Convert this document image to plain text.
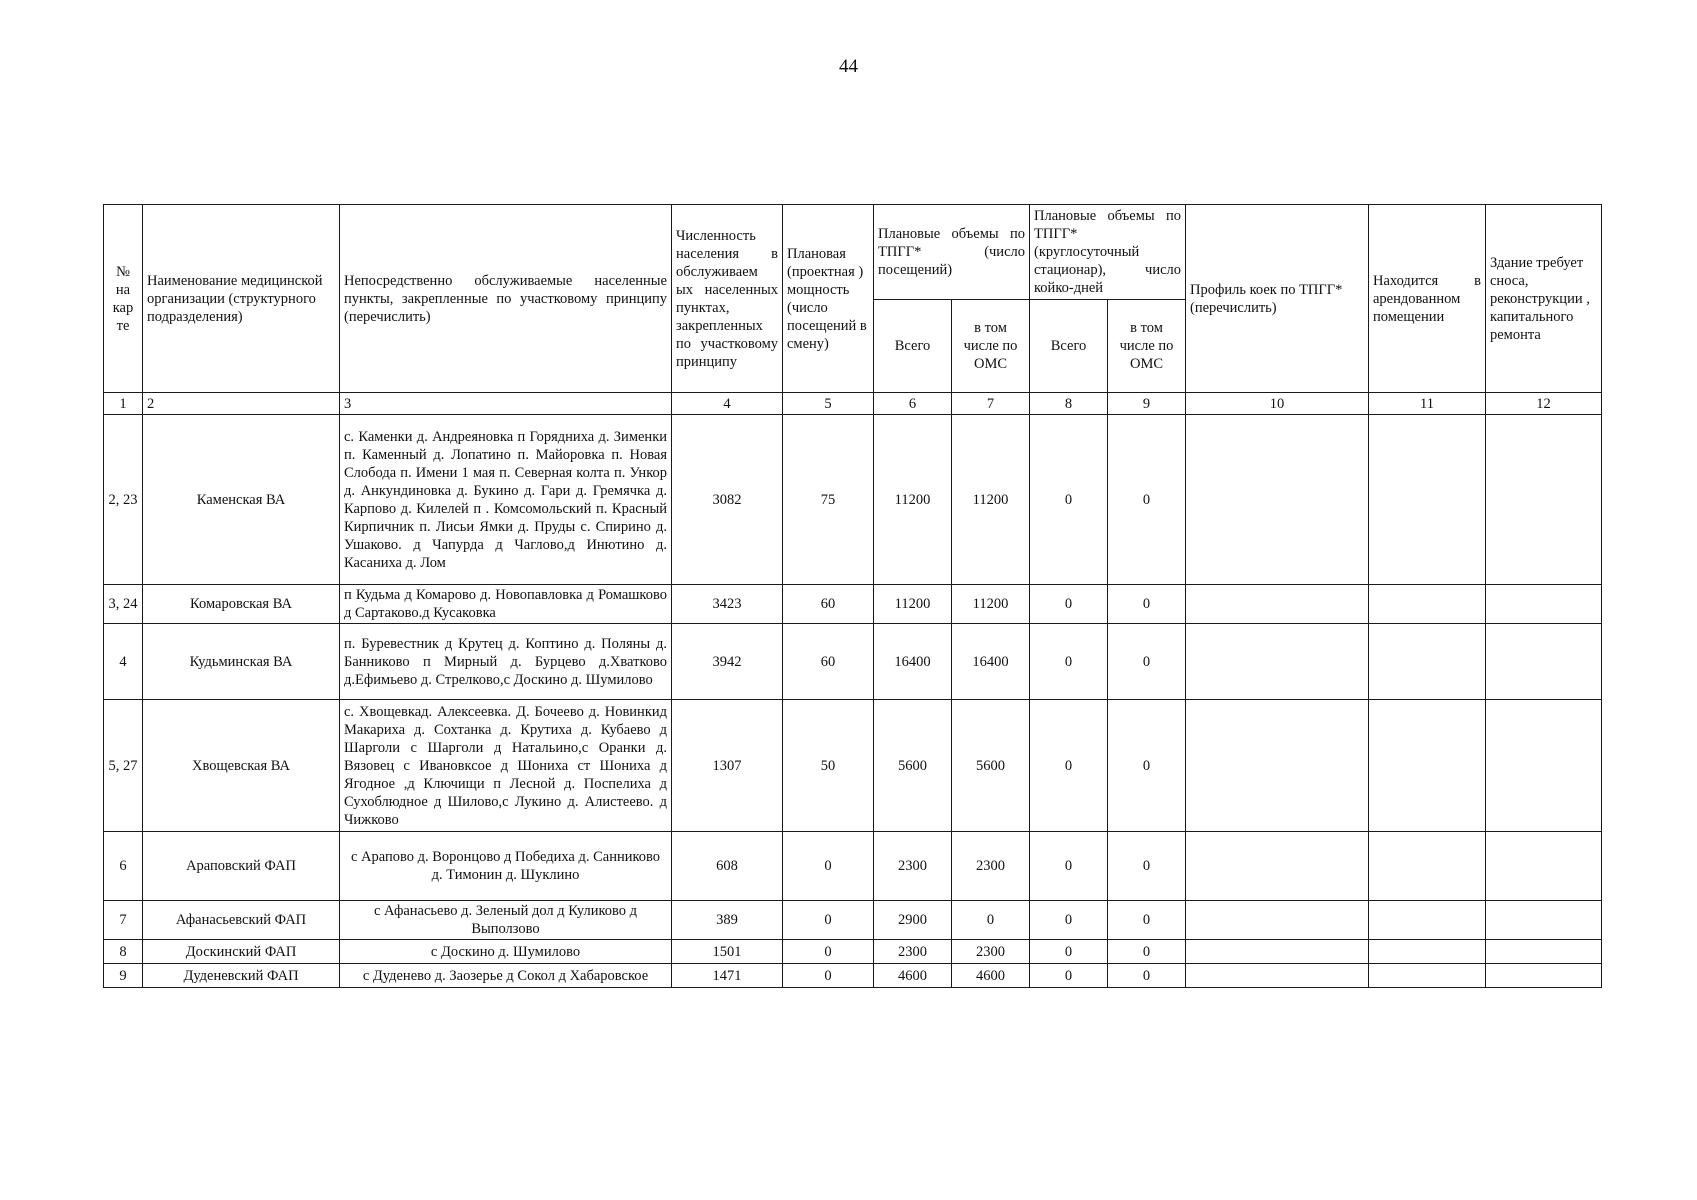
44
№ на кар те	Наименование медицинской организации (структурного подразделения)	Непосредственно обслуживаемые населенные пункты, закрепленные по участковому принципу (перечислить)	Численность населения в обслуживаем ых населенных пунктах, закрепленных по участковому принципу	Плановая (проектная ) мощность (число посещений в смену)	Плановые объемы по ТПГГ* (число посещений)		Плановые объемы по ТПГГ* (круглосуточный стационар), число койко-дней		Профиль коек по ТПГГ* (перечислить)	Находится в арендованном помещении	Здание требует сноса, реконструкции , капитального ремонта
					Всего	в том числе по ОМС	Всего	в том числе по ОМС			
1	2	3	4	5	6	7	8	9	10	11	12
2, 23	Каменская ВА	с. Каменки д. Андреяновка п Горядниха д. Зименки п. Каменный д. Лопатино п. Майоровка п. Новая Слобода п. Имени 1 мая п. Северная колта п. Ункор д. Анкундиновка д. Букино д. Гари д. Гремячка д. Карпово д. Килелей п . Комсомольский п. Красный Кирпичник п. Лисьи Ямки д. Пруды с. Спирино д. Ушаково. д Чапурда д Чаглово,д Инютино д. Касаниха д. Лом	3082	75	11200	11200	0	0			
3, 24	Комаровская ВА	п Кудьма д Комарово д. Новопавловка д Ромашково д Сартаково.д Кусаковка	3423	60	11200	11200	0	0			
4	Кудьминская ВА	п. Буревестник д Крутец д. Коптино д. Поляны д. Банниково п Мирный д. Бурцево д.Хватково д.Ефимьево д. Стрелково,с Доскино д. Шумилово	3942	60	16400	16400	0	0			
5, 27	Хвощевская ВА	с. Хвощевкад. Алексеевка. Д. Бочеево д. Новинкид Макариха д. Сохтанка д. Крутиха д. Кубаево д Шарголи с Шарголи д Натальино,с Оранки д. Вязовец с Ивановксое д Шониха ст Шониха д Ягодное ,д Ключищи п Лесной д. Поспелиха д Сухоблюдное д Шилово,с Лукино д. Алистеево. д Чижково	1307	50	5600	5600	0	0			
6	Араповский ФАП	с Арапово д. Воронцово д Победиха д. Санниково д. Тимонин д. Шуклино	608	0	2300	2300	0	0			
7	Афанасьевский ФАП	с Афанасьево д. Зеленый дол д Куликово д Выползово	389	0	2900	0	0	0			
8	Доскинский ФАП	с Доскино д. Шумилово	1501	0	2300	2300	0	0			
9	Дуденевский ФАП	с Дуденево д. Заозерье д Сокол д Хабаровское	1471	0	4600	4600	0	0			
